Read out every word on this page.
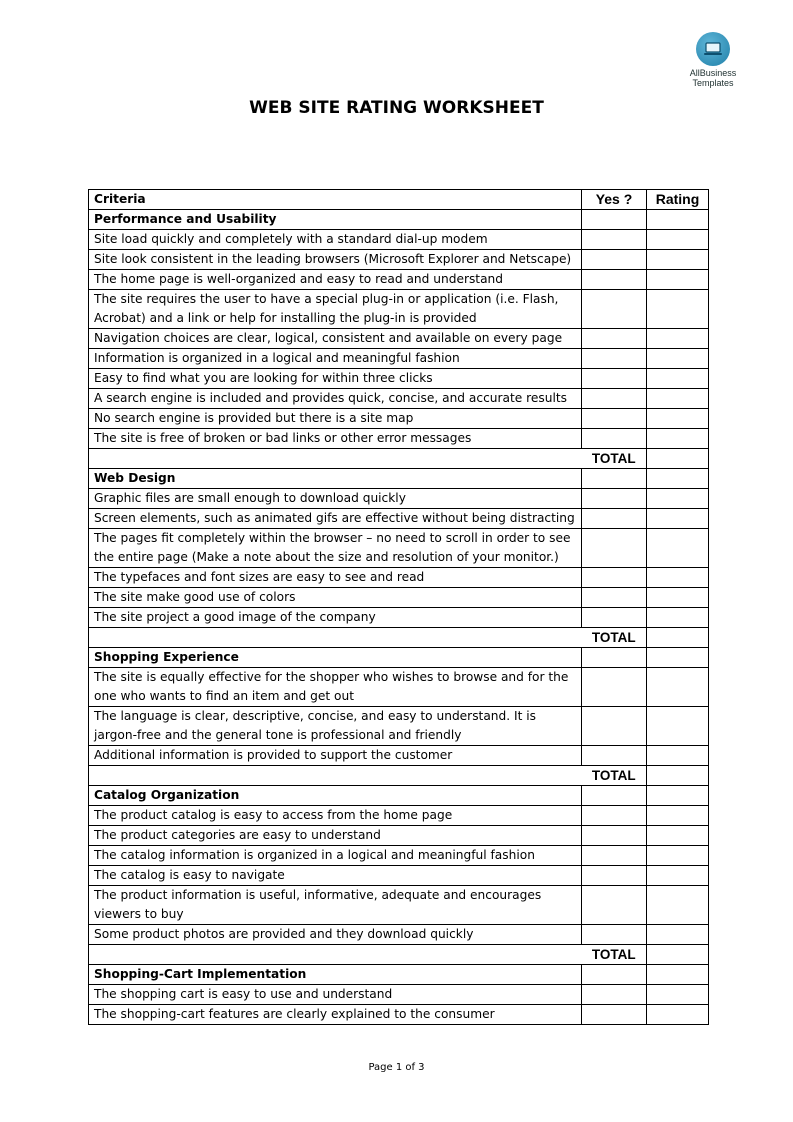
AllBusiness
Templates
WEB SITE RATING WORKSHEET
Criteria	Yes ?	Rating
Performance and Usability		
Site load quickly and completely with a standard dial-up modem		
Site look consistent in the leading browsers (Microsoft Explorer and Netscape)		
The home page is well-organized and easy to read and understand		
The site requires the user to have a special plug-in or application (i.e. Flash, Acrobat) and a link or help for installing the plug-in is provided		
Navigation choices are clear, logical, consistent and available on every page		
Information is organized in a logical and meaningful fashion		
Easy to find what you are looking for within three clicks		
A search engine is included and provides quick, concise, and accurate results		
No search engine is provided but there is a site map		
The site is free of broken or bad links or other error messages		
	TOTAL	
Web Design		
Graphic files are small enough to download quickly		
Screen elements, such as animated gifs are effective without being distracting		
The pages fit completely within the browser – no need to scroll in order to see the entire page (Make a note about the size and resolution of your monitor.)		
The typefaces and font sizes are easy to see and read		
The site make good use of colors		
The site project a good image of the company		
	TOTAL	
Shopping Experience		
The site is equally effective for the shopper who wishes to browse and for the one who wants to find an item and get out		
The language is clear, descriptive, concise, and easy to understand. It is jargon-free and the general tone is professional and friendly		
Additional information is provided to support the customer		
	TOTAL	
Catalog Organization		
The product catalog is easy to access from the home page		
The product categories are easy to understand		
The catalog information is organized in a logical and meaningful fashion		
The catalog is easy to navigate		
The product information is useful, informative, adequate and encourages viewers to buy		
Some product photos are provided and they download quickly		
	TOTAL	
Shopping-Cart Implementation		
The shopping cart is easy to use and understand		
The shopping-cart features are clearly explained to the consumer		
Page 1 of 3
